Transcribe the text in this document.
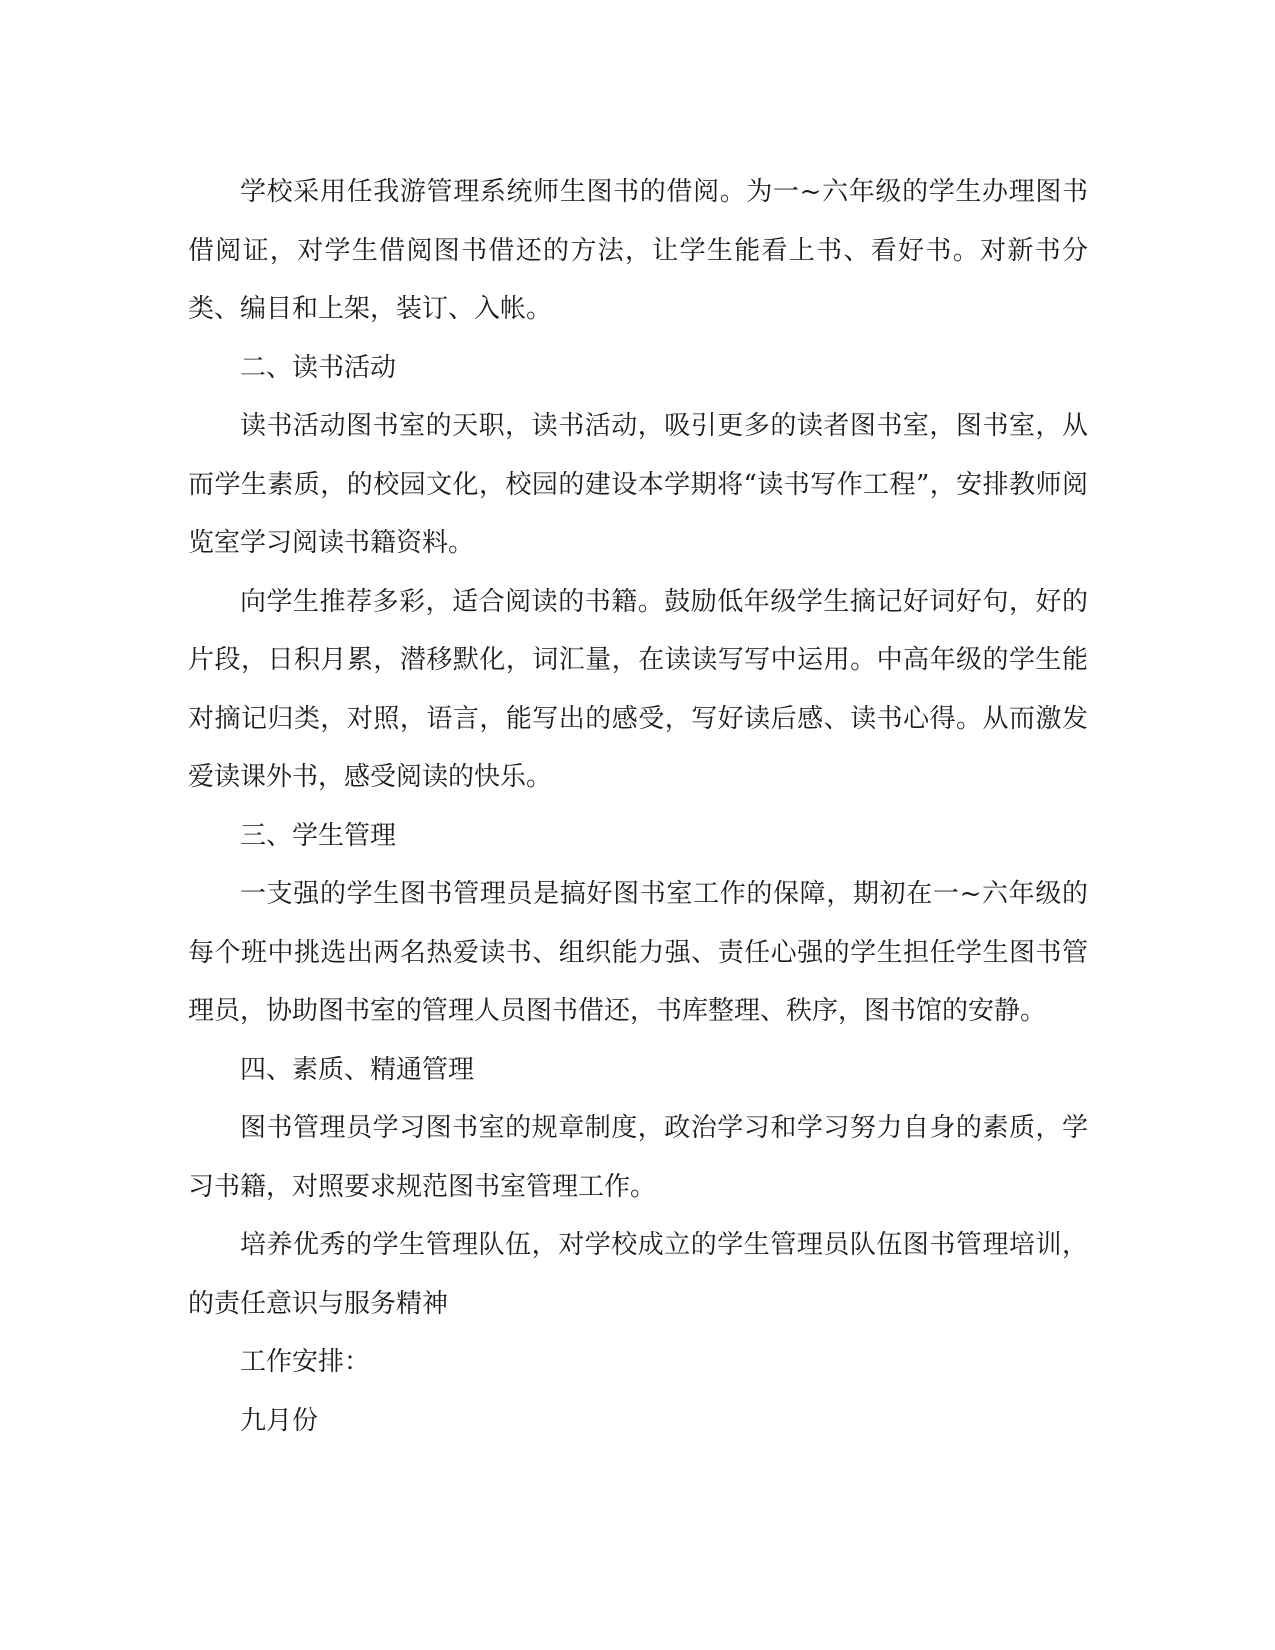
学校采用任我游管理系统师生图书的借阅。为一~六年级的学生办理图书借阅证，对学生借阅图书借还的方法，让学生能看上书、看好书。对新书分类、编目和上架，装订、入帐。

二、读书活动

读书活动图书室的天职，读书活动，吸引更多的读者图书室，图书室，从而学生素质，的校园文化，校园的建设本学期将“读书写作工程”，安排教师阅览室学习阅读书籍资料。

向学生推荐多彩，适合阅读的书籍。鼓励低年级学生摘记好词好句，好的片段，日积月累，潜移默化，词汇量，在读读写写中运用。中高年级的学生能对摘记归类，对照，语言，能写出的感受，写好读后感、读书心得。从而激发爱读课外书，感受阅读的快乐。

三、学生管理

一支强的学生图书管理员是搞好图书室工作的保障，期初在一~六年级的每个班中挑选出两名热爱读书、组织能力强、责任心强的学生担任学生图书管理员，协助图书室的管理人员图书借还，书库整理、秩序，图书馆的安静。

四、素质、精通管理

图书管理员学习图书室的规章制度，政治学习和学习努力自身的素质，学习书籍，对照要求规范图书室管理工作。

培养优秀的学生管理队伍，对学校成立的学生管理员队伍图书管理培训，的责任意识与服务精神

工作安排：

九月份
